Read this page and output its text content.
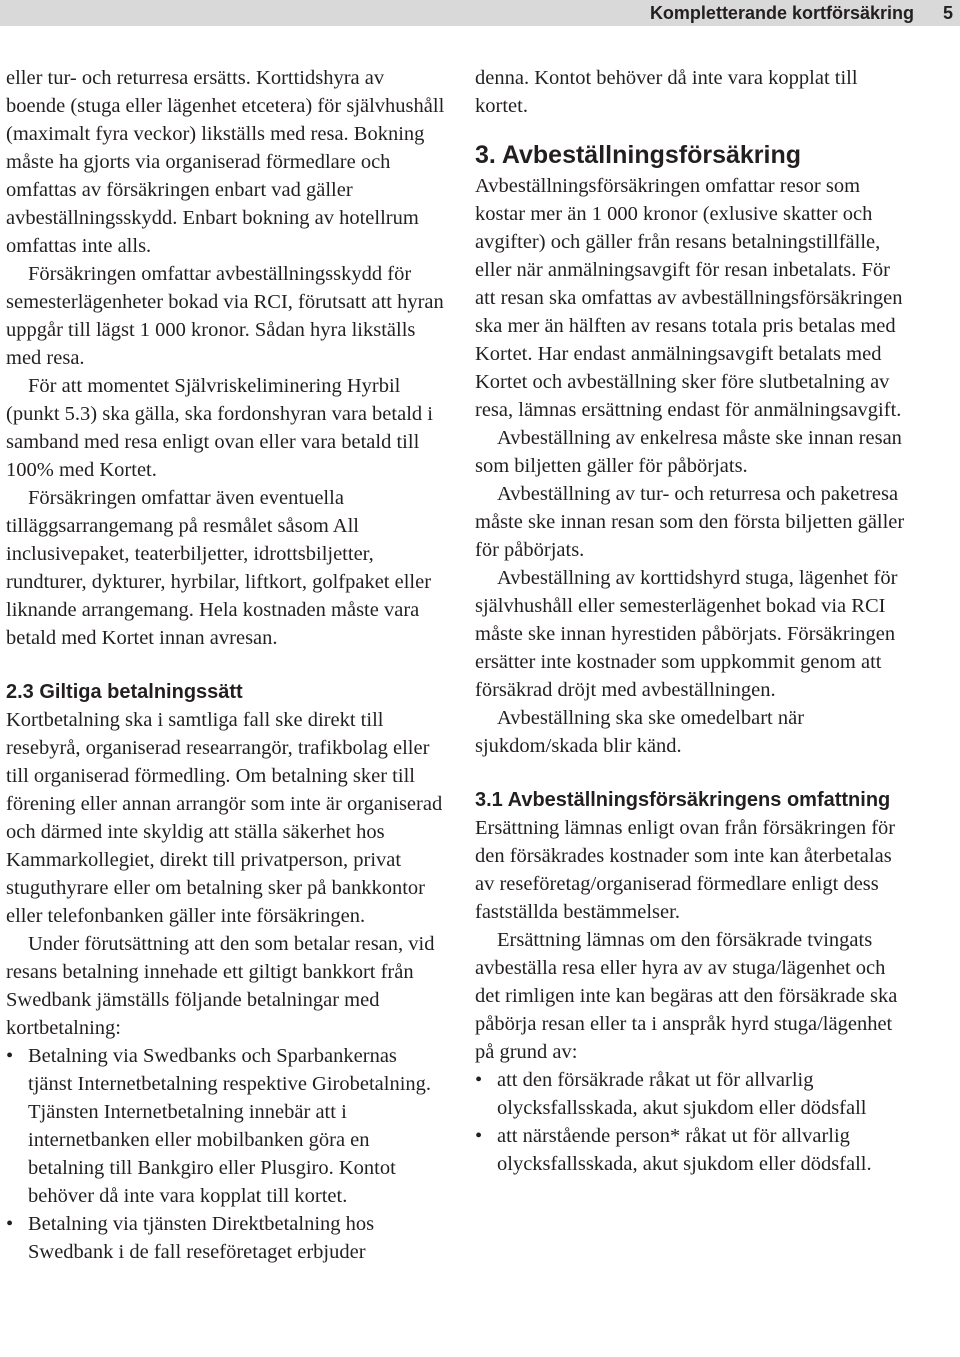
Kompletterande kortförsäkring 5

eller tur- och returresa ersätts. Korttidshyra av boende (stuga eller lägenhet etcetera) för självhushåll (maximalt fyra veckor) likställs med resa. Bokning måste ha gjorts via organiserad förmedlare och omfattas av försäkringen enbart vad gäller avbeställningsskydd. Enbart bokning av hotellrum omfattas inte alls.

Försäkringen omfattar avbeställningsskydd för semesterlägenheter bokad via RCI, förutsatt att hyran uppgår till lägst 1 000 kronor. Sådan hyra likställs med resa.

För att momentet Självriskeliminering Hyrbil (punkt 5.3) ska gälla, ska fordonshyran vara betald i samband med resa enligt ovan eller vara betald till 100% med Kortet.

Försäkringen omfattar även eventuella tilläggsarrangemang på resmålet såsom All inclusivepaket, teaterbiljetter, idrottsbiljetter, rundturer, dykturer, hyrbilar, liftkort, golfpaket eller liknande arrangemang. Hela kostnaden måste vara betald med Kortet innan avresan.

2.3 Giltiga betalningssätt

Kortbetalning ska i samtliga fall ske direkt till resebyrå, organiserad researrangör, trafikbolag eller till organiserad förmedling. Om betalning sker till förening eller annan arrangör som inte är organiserad och därmed inte skyldig att ställa säkerhet hos Kammarkollegiet, direkt till privatperson, privat stuguthyrare eller om betalning sker på bankkontor eller telefonbanken gäller inte försäkringen.

Under förutsättning att den som betalar resan, vid resans betalning innehade ett giltigt bankkort från Swedbank jämställs följande betalningar med kortbetalning:

• Betalning via Swedbanks och Sparbankernas tjänst Internetbetalning respektive Girobetalning. Tjänsten Internetbetalning innebär att i internetbanken eller mobilbanken göra en betalning till Bankgiro eller Plusgiro. Kontot behöver då inte vara kopplat till kortet.
• Betalning via tjänsten Direktbetalning hos Swedbank i de fall reseföretaget erbjuder

denna. Kontot behöver då inte vara kopplat till kortet.

3. Avbeställningsförsäkring

Avbeställningsförsäkringen omfattar resor som kostar mer än 1 000 kronor (exlusive skatter och avgifter) och gäller från resans betalningstillfälle, eller när anmälningsavgift för resan inbetalats. För att resan ska omfattas av avbeställningsförsäkringen ska mer än hälften av resans totala pris betalas med Kortet. Har endast anmälningsavgift betalats med Kortet och avbeställning sker före slutbetalning av resa, lämnas ersättning endast för anmälningsavgift.

Avbeställning av enkelresa måste ske innan resan som biljetten gäller för påbörjats.

Avbeställning av tur- och returresa och paketresa måste ske innan resan som den första biljetten gäller för påbörjats.

Avbeställning av korttidshyrd stuga, lägenhet för självhushåll eller semesterlägenhet bokad via RCI måste ske innan hyrestiden påbörjats. Försäkringen ersätter inte kostnader som uppkommit genom att försäkrad dröjt med avbeställningen.

Avbeställning ska ske omedelbart när sjukdom/skada blir känd.

3.1 Avbeställningsförsäkringens omfattning

Ersättning lämnas enligt ovan från försäkringen för den försäkrades kostnader som inte kan återbetalas av reseföretag/organiserad förmedlare enligt dess fastställda bestämmelser.

Ersättning lämnas om den försäkrade tvingats avbeställa resa eller hyra av av stuga/lägenhet och det rimligen inte kan begäras att den försäkrade ska påbörja resan eller ta i anspråk hyrd stuga/lägenhet på grund av:

• att den försäkrade råkat ut för allvarlig olycksfallsskada, akut sjukdom eller dödsfall
• att närstående person* råkat ut för allvarlig olycksfallsskada, akut sjukdom eller dödsfall.
